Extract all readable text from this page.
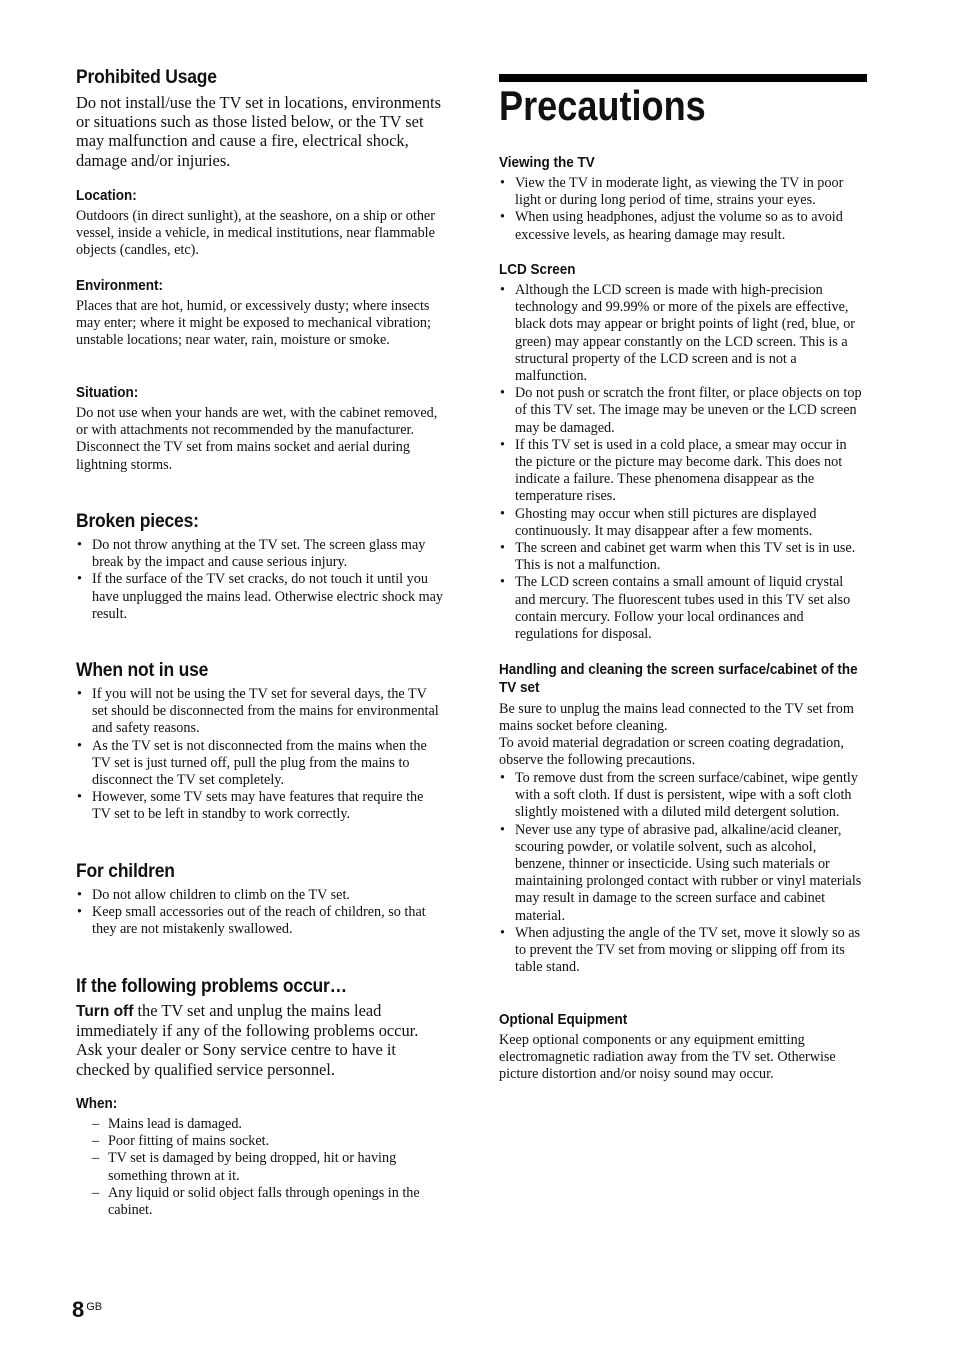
Prohibited Usage

Do not install/use the TV set in locations, environments or situations such as those listed below, or the TV set may malfunction and cause a fire, electrical shock, damage and/or injuries.

Location:

Outdoors (in direct sunlight), at the seashore, on a ship or other vessel, inside a vehicle, in medical institutions, near flammable objects (candles, etc).

Environment:

Places that are hot, humid, or excessively dusty; where insects may enter; where it might be exposed to mechanical vibration; unstable locations; near water, rain, moisture or smoke.

Situation:

Do not use when your hands are wet, with the cabinet removed, or with attachments not recommended by the manufacturer. Disconnect the TV set from mains socket and aerial during lightning storms.

Broken pieces:
• Do not throw anything at the TV set. The screen glass may break by the impact and cause serious injury.
• If the surface of the TV set cracks, do not touch it until you have unplugged the mains lead. Otherwise electric shock may result.
When not in use
• If you will not be using the TV set for several days, the TV set should be disconnected from the mains for environmental and safety reasons.
• As the TV set is not disconnected from the mains when the TV set is just turned off, pull the plug from the mains to disconnect the TV set completely.
• However, some TV sets may have features that require the TV set to be left in standby to work correctly.
For children
• Do not allow children to climb on the TV set.
• Keep small accessories out of the reach of children, so that they are not mistakenly swallowed.
If the following problems occur…

Turn off the TV set and unplug the mains lead immediately if any of the following problems occur. Ask your dealer or Sony service centre to have it checked by qualified service personnel.

When:
– Mains lead is damaged.
– Poor fitting of mains socket.
– TV set is damaged by being dropped, hit or having something thrown at it.
– Any liquid or solid object falls through openings in the cabinet.
Precautions
Viewing the TV
• View the TV in moderate light, as viewing the TV in poor light or during long period of time, strains your eyes.
• When using headphones, adjust the volume so as to avoid excessive levels, as hearing damage may result.
LCD Screen
• Although the LCD screen is made with high-precision technology and 99.99% or more of the pixels are effective, black dots may appear or bright points of light (red, blue, or green) may appear constantly on the LCD screen. This is a structural property of the LCD screen and is not a malfunction.
• Do not push or scratch the front filter, or place objects on top of this TV set. The image may be uneven or the LCD screen may be damaged.
• If this TV set is used in a cold place, a smear may occur in the picture or the picture may become dark. This does not indicate a failure. These phenomena disappear as the temperature rises.
• Ghosting may occur when still pictures are displayed continuously. It may disappear after a few moments.
• The screen and cabinet get warm when this TV set is in use. This is not a malfunction.
• The LCD screen contains a small amount of liquid crystal and mercury. The fluorescent tubes used in this TV set also contain mercury. Follow your local ordinances and regulations for disposal.
Handling and cleaning the screen surface/cabinet of the TV set

Be sure to unplug the mains lead connected to the TV set from mains socket before cleaning.

To avoid material degradation or screen coating degradation, observe the following precautions.

• To remove dust from the screen surface/cabinet, wipe gently with a soft cloth. If dust is persistent, wipe with a soft cloth slightly moistened with a diluted mild detergent solution.
• Never use any type of abrasive pad, alkaline/acid cleaner, scouring powder, or volatile solvent, such as alcohol, benzene, thinner or insecticide. Using such materials or maintaining prolonged contact with rubber or vinyl materials may result in damage to the screen surface and cabinet material.
• When adjusting the angle of the TV set, move it slowly so as to prevent the TV set from moving or slipping off from its table stand.
Optional Equipment

Keep optional components or any equipment emitting electromagnetic radiation away from the TV set. Otherwise picture distortion and/or noisy sound may occur.

8 $^{GB}$
